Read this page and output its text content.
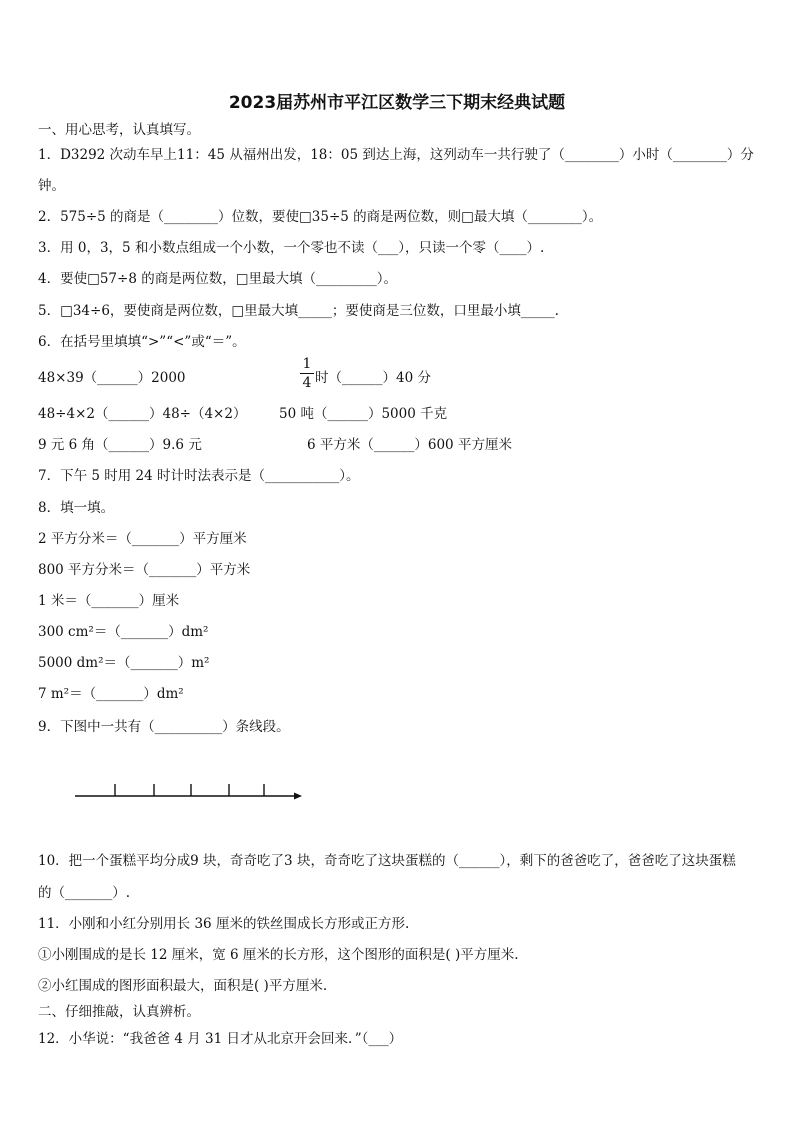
2023届苏州市平江区数学三下期末经典试题
一、用心思考，认真填写。
1．D3292 次动车早上11：45 从福州出发，18：05 到达上海，这列动车一共行驶了（________）小时（________）分
钟。
2．575÷5 的商是（________）位数，要使□35÷5 的商是两位数，则□最大填（________）。
3．用 0，3，5 和小数点组成一个小数，一个零也不读（___），只读一个零（____）.
4．要使□57÷8 的商是两位数，□里最大填（_________）。
5．□34÷6，要使商是两位数，□里最大填_____；要使商是三位数，口里最小填_____.
6．在括号里填填“>”“<”或“＝”。
48×39（______）2000
1
4 时（______）40 分
48÷4×2（______）48÷（4×2） 50 吨（______）5000 千克
9 元 6 角（______）9.6 元	6 平方米（______）600 平方厘米
7．下午 5 时用 24 时计时法表示是（___________）。
8．填一填。
2 平方分米＝（_______）平方厘米
800 平方分米＝（_______）平方米
1 米＝（_______）厘米
300 cm²＝（_______）dm²
5000 dm²＝（_______）m²
7 m²＝（_______）dm²
9．下图中一共有（__________）条线段。
10．把一个蛋糕平均分成9 块，奇奇吃了3 块，奇奇吃了这块蛋糕的（______），剩下的爸爸吃了，爸爸吃了这块蛋糕
的（_______）.
11．小刚和小红分别用长 36 厘米的铁丝围成长方形或正方形.
①小刚围成的是长 12 厘米，宽 6 厘米的长方形，这个图形的面积是( )平方厘米.
②小红围成的图形面积最大，面积是( )平方厘米.
二、仔细推敲，认真辨析。
12．小华说：“我爸爸 4 月 31 日才从北京开会回来．”（___）
